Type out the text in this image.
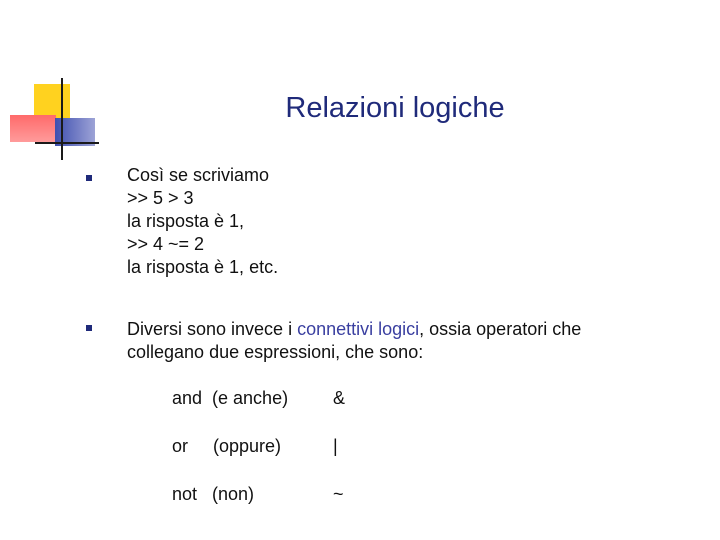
Relazioni logiche
Così se scriviamo
>> 5 > 3
la risposta è 1,
>> 4 ~= 2
la risposta è 1, etc.
Diversi sono invece i connettivi logici, ossia operatori che
collegano due espressioni, che sono:
and  (e anche) &
or     (oppure)	|
not   (non)	~
